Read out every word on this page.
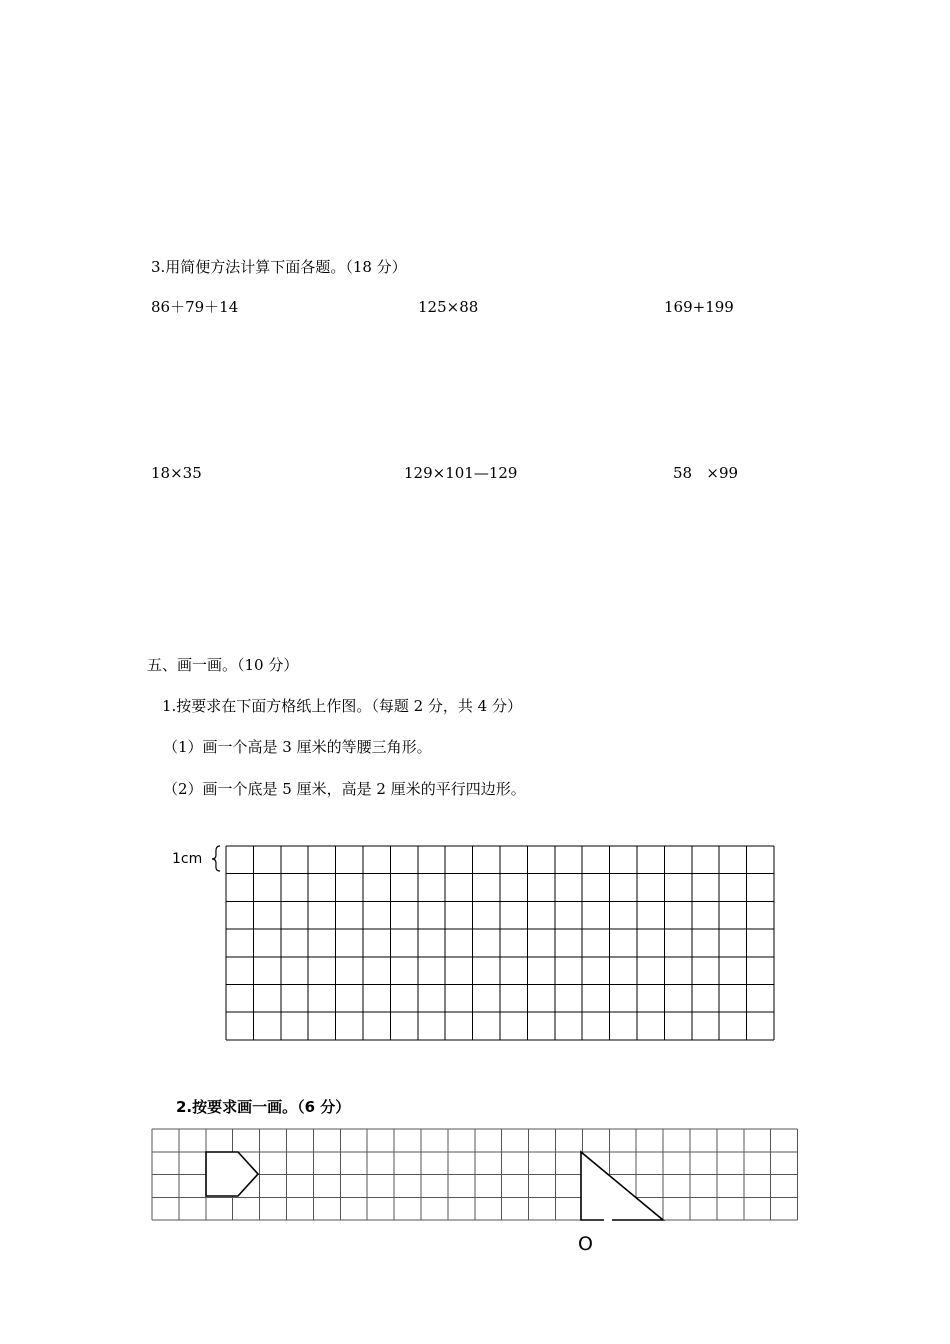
3.用简便方法计算下面各题。（18 分）
86＋79＋14	125×88	169+199
18×35	129×101—129	58   ×99
五、画一画。（10 分）
1.按要求在下面方格纸上作图。（每题 2 分，共 4 分）
（1）画一个高是 3 厘米的等腰三角形。
（2）画一个底是 5 厘米，高是 2 厘米的平行四边形。
1cm
2.按要求画一画。（6 分）
O
